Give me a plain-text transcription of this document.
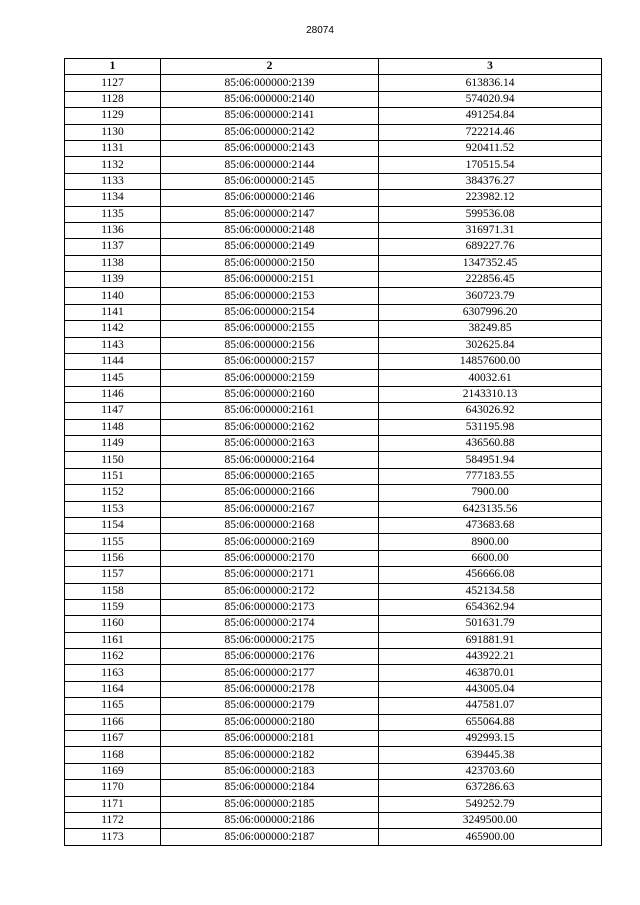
28074
1	2	3
1127	85:06:000000:2139	613836.14
1128	85:06:000000:2140	574020.94
1129	85:06:000000:2141	491254.84
1130	85:06:000000:2142	722214.46
1131	85:06:000000:2143	920411.52
1132	85:06:000000:2144	170515.54
1133	85:06:000000:2145	384376.27
1134	85:06:000000:2146	223982.12
1135	85:06:000000:2147	599536.08
1136	85:06:000000:2148	316971.31
1137	85:06:000000:2149	689227.76
1138	85:06:000000:2150	1347352.45
1139	85:06:000000:2151	222856.45
1140	85:06:000000:2153	360723.79
1141	85:06:000000:2154	6307996.20
1142	85:06:000000:2155	38249.85
1143	85:06:000000:2156	302625.84
1144	85:06:000000:2157	14857600.00
1145	85:06:000000:2159	40032.61
1146	85:06:000000:2160	2143310.13
1147	85:06:000000:2161	643026.92
1148	85:06:000000:2162	531195.98
1149	85:06:000000:2163	436560.88
1150	85:06:000000:2164	584951.94
1151	85:06:000000:2165	777183.55
1152	85:06:000000:2166	7900.00
1153	85:06:000000:2167	6423135.56
1154	85:06:000000:2168	473683.68
1155	85:06:000000:2169	8900.00
1156	85:06:000000:2170	6600.00
1157	85:06:000000:2171	456666.08
1158	85:06:000000:2172	452134.58
1159	85:06:000000:2173	654362.94
1160	85:06:000000:2174	501631.79
1161	85:06:000000:2175	691881.91
1162	85:06:000000:2176	443922.21
1163	85:06:000000:2177	463870.01
1164	85:06:000000:2178	443005.04
1165	85:06:000000:2179	447581.07
1166	85:06:000000:2180	655064.88
1167	85:06:000000:2181	492993.15
1168	85:06:000000:2182	639445.38
1169	85:06:000000:2183	423703.60
1170	85:06:000000:2184	637286.63
1171	85:06:000000:2185	549252.79
1172	85:06:000000:2186	3249500.00
1173	85:06:000000:2187	465900.00
